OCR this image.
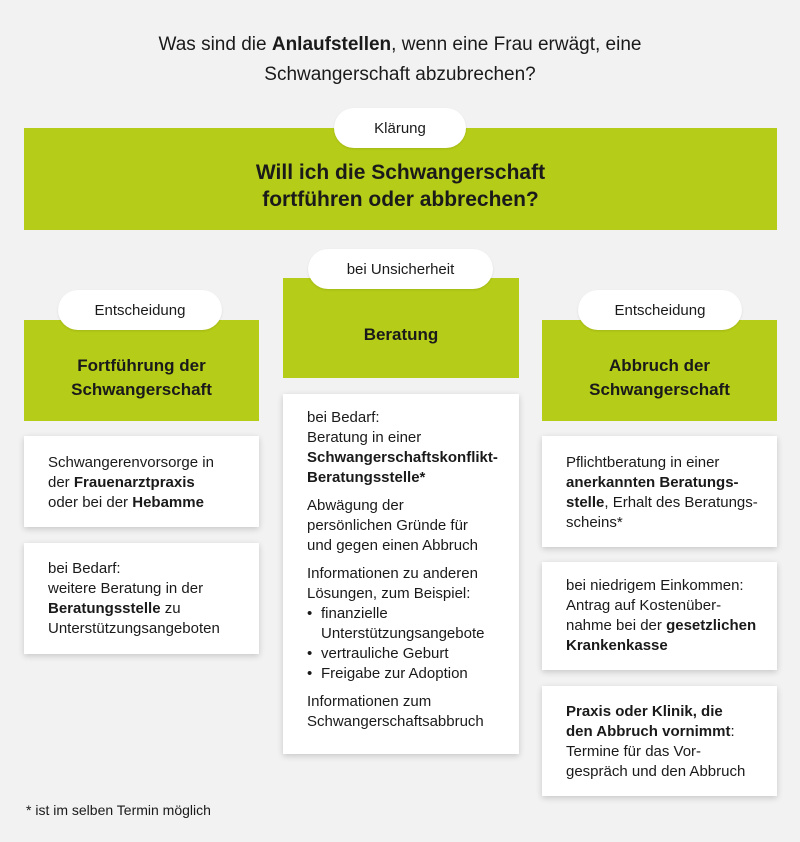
Was sind die Anlaufstellen, wenn eine Frau erwägt, eine
Schwangerschaft abzubrechen?
Will ich die Schwangerschaft
fortführen oder abbrechen?
Klärung
Fortführung der
Schwangerschaft
Entscheidung
Beratung
bei Unsicherheit
Abbruch der
Schwangerschaft
Entscheidung

Schwangerenvorsorge in

der Frauenarztpraxis

oder bei der Hebamme

bei Bedarf:

weitere Beratung in der

Beratungsstelle zu

Unterstützungsangeboten

bei Bedarf:

Beratung in einer

Schwangerschaftskonflikt-

Beratungsstelle*

Abwägung der

persönlichen Gründe für

und gegen einen Abbruch

Informationen zu anderen

Lösungen, zum Beispiel:

• finanzielle
Unterstützungsangebote
• vertrauliche Geburt
• Freigabe zur Adoption

Informationen zum

Schwangerschaftsabbruch

Pflichtberatung in einer

anerkannten Beratungs-

stelle, Erhalt des Beratungs-

scheins*

bei niedrigem Einkommen:

Antrag auf Kostenüber-

nahme bei der gesetzlichen

Krankenkasse

Praxis oder Klinik, die

den Abbruch vornimmt:

Termine für das Vor-

gespräch und den Abbruch

* ist im selben Termin möglich
